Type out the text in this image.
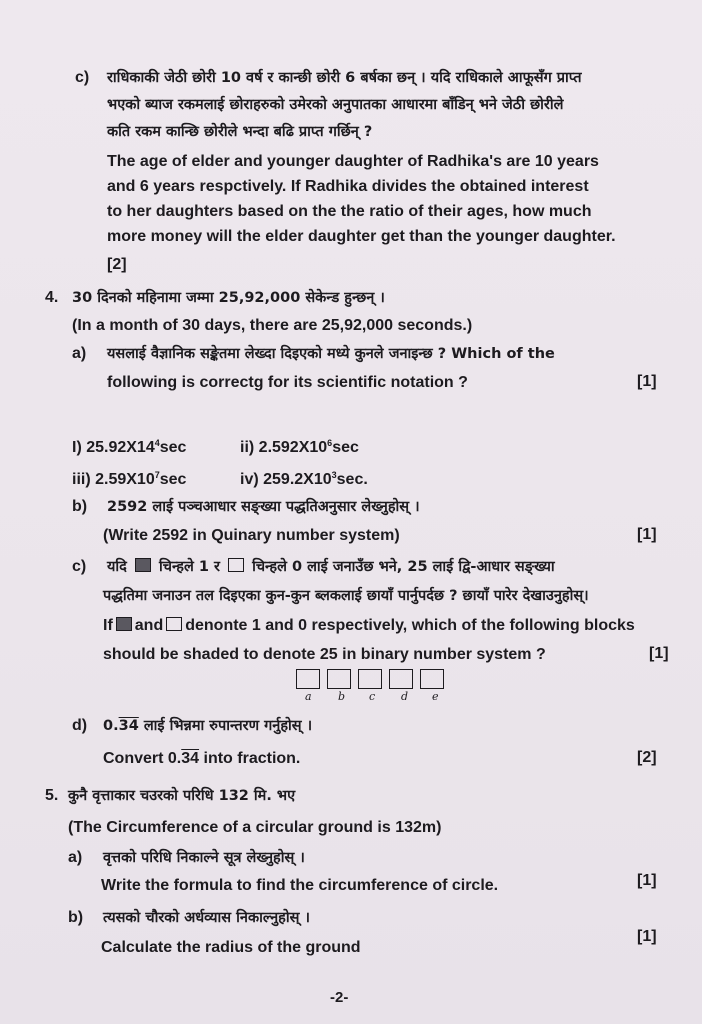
c) राधिकाकी जेठी छोरी 10 वर्ष र कान्छी छोरी 6 बर्षका छन् । यदि राधिकाले आफूसँग प्राप्त
भएको ब्याज रकमलाई छोराहरुको उमेरको अनुपातका आधारमा बाँडिन् भने जेठी छोरीले
कति रकम कान्छि छोरीले भन्दा बढि प्राप्त गर्छिन् ?
The age of elder and younger daughter of Radhika's are 10 years
and 6 years respctively. If Radhika divides the obtained interest
to her daughters based on the the ratio of their ages, how much
more money will the elder daughter get than the younger daughter.
[2]
4. 30 दिनको महिनामा जम्मा 25,92,000 सेकेन्ड हुन्छन् ।
(In a month of 30 days, there are 25,92,000 seconds.)
a) यसलाई वैज्ञानिक सङ्केतमा लेख्दा दिइएको मध्ये कुनले जनाइन्छ ? Which of the
following is correctg for its scientific notation ?	[1]
I) $25.92X14^4\sec$	ii) $2.592X10^6\sec$
iii) $2.59X10^7\sec$	iv) $259.2X10^3\sec$.
b) 2592 लाई पञ्चआधार सङ्ख्या पद्धतिअनुसार लेख्नुहोस् ।
(Write 2592 in Quinary number system)	[1]
c) यदि चिन्हले 1 र चिन्हले 0 लाई जनाउँछ भने, 25 लाई द्वि-आधार सङ्ख्या
पद्धतिमा जनाउन तल दिइएका कुन-कुन ब्लकलाई छायाँ पार्नुपर्दछ ? छायाँ पारेर देखाउनुहोस्।
If and denonte 1 and 0 respectively, which of the following blocks
should be shaded to denote 25 in binary number system ?	[1]
a b c d e
d) 0.34 लाई भिन्नमा रुपान्तरण गर्नुहोस् ।
Convert 0.34 into fraction.	[2]
5. कुनै वृत्ताकार चउरको परिधि 132 मि. भए
(The Circumference of a circular ground is 132m)
a) वृत्तको परिधि निकाल्ने सूत्र लेख्नुहोस् ।
Write the formula to find the circumference of circle.	[1]
b) त्यसको चौरको अर्धव्यास निकाल्नुहोस् ।
Calculate the radius of the ground
[1]
-2-
